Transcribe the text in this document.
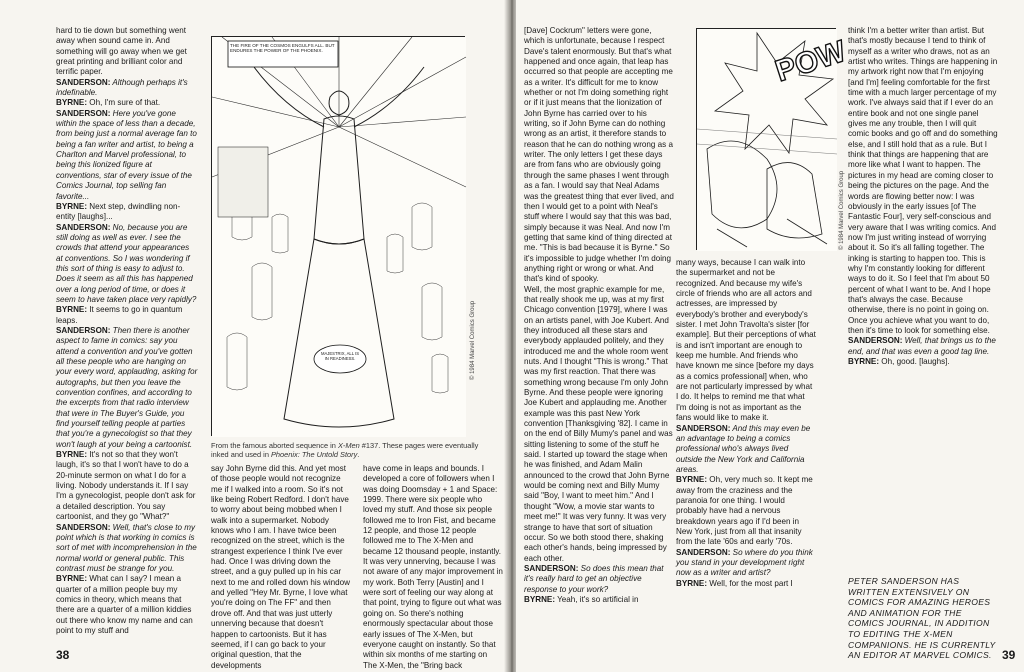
hard to tie down but something went away when sound came in. And something will go away when we get great printing and brilliant color and terrific paper.

SANDERSON: Although perhaps it's indefinable.

BYRNE: Oh, I'm sure of that.

SANDERSON: Here you've gone within the space of less than a decade, from being just a normal average fan to being a fan writer and artist, to being a Charlton and Marvel professional, to being this lionized figure at conventions, star of every issue of the Comics Journal, top selling fan favorite...

BYRNE: Next step, dwindling non-entity [laughs]...

SANDERSON: No, because you are still doing as well as ever. I see the crowds that attend your appearances at conventions. So I was wondering if this sort of thing is easy to adjust to. Does it seem as all this has happened over a long period of time, or does it seem to have taken place very rapidly?

BYRNE: It seems to go in quantum leaps.

SANDERSON: Then there is another aspect to fame in comics: say you attend a convention and you've gotten all these people who are hanging on your every word, applauding, asking for autographs, but then you leave the convention confines, and according to the excerpts from that radio interview that were in The Buyer's Guide, you find yourself telling people at parties that you're a gynecologist so that they won't laugh at your being a cartoonist.

BYRNE: It's not so that they won't laugh, it's so that I won't have to do a 20-minute sermon on what I do for a living. Nobody understands it. If I say I'm a gynecologist, people don't ask for a detailed description. You say cartoonist, and they go "What?"

SANDERSON: Well, that's close to my point which is that working in comics is sort of met with incomprehension in the normal world or general public. This contrast must be strange for you.

BYRNE: What can I say? I mean a quarter of a million people buy my comics in theory, which means that there are a quarter of a million kiddies out there who know my name and can point to my stuff and

THE FIRE OF THE COSMOS ENGULFS ALL. BUT ENDURES THE POWER OF THE PHOENIX.
MAJESTRIX, ALL IS IN READINESS.	© 1984 Marvel Comics Group
From the famous aborted sequence in X-Men #137. These pages were eventually inked and used in Phoenix: The Untold Story.

say John Byrne did this. And yet most of those people would not recognize me if I walked into a room. So it's not like being Robert Redford. I don't have to worry about being mobbed when I walk into a supermarket. Nobody knows who I am. I have twice been recognized on the street, which is the strangest experience I think I've ever had. Once I was driving down the street, and a guy pulled up in his car next to me and rolled down his window and yelled "Hey Mr. Byrne, I love what you're doing on The FF" and then drove off. And that was just utterly unnerving because that doesn't happen to cartoonists. But it has seemed, if I can go back to your original question, that the developments

have come in leaps and bounds. I developed a core of followers when I was doing Doomsday + 1 and Space: 1999. There were six people who loved my stuff. And those six people followed me to Iron Fist, and became 12 people, and those 12 people followed me to The X-Men and became 12 thousand people, instantly. It was very unnerving, because I was not aware of any major improvement in my work. Both Terry [Austin] and I were sort of feeling our way along at that point, trying to figure out what was going on. So there's nothing enormously spectacular about those early issues of The X-Men, but everyone caught on instantly. So that within six months of me starting on The X-Men, the "Bring back

38

[Dave] Cockrum" letters were gone, which is unfortunate, because I respect Dave's talent enormously. But that's what happened and once again, that leap has occurred so that people are accepting me as a writer. It's difficult for me to know whether or not I'm doing something right or if it just means that the lionization of John Byrne has carried over to his writing, so if John Byrne can do nothing wrong as an artist, it therefore stands to reason that he can do nothing wrong as a writer. The only letters I get these days are from fans who are obviously going through the same phases I went through as a fan. I would say that Neal Adams was the greatest thing that ever lived, and then I would get to a point with Neal's stuff where I would say that this was bad, simply because it was Neal. And now I'm getting that same kind of thing directed at me. "This is bad because it is Byrne." So it's impossible to judge whether I'm doing anything right or wrong or what. And that's kind of spooky.

Well, the most graphic example for me, that really shook me up, was at my first Chicago convention [1979], where I was on an artists panel, with Joe Kubert. And they introduced all these stars and everybody applauded politely, and they introduced me and the whole room went nuts. And I thought "This is wrong." That was my first reaction. That there was something wrong because I'm only John Byrne. And these people were ignoring Joe Kubert and applauding me. Another example was this past New York convention [Thanksgiving '82]. I came in on the end of Billy Mumy's panel and was sitting listening to some of the stuff he said. I started up toward the stage when he was finished, and Adam Malin announced to the crowd that John Byrne would be coming next and Billy Mumy said "Boy, I want to meet him." And I thought "Wow, a movie star wants to meet me!" It was very funny. It was very strange to have that sort of situation occur. So we both stood there, shaking each other's hands, being impressed by each other.

SANDERSON: So does this mean that it's really hard to get an objective response to your work?

BYRNE: Yeah, it's so artificial in

POW
© 1984 Marvel Comics Group

many ways, because I can walk into the supermarket and not be recognized. And because my wife's circle of friends who are all actors and actresses, are impressed by everybody's brother and everybody's sister. I met John Travolta's sister [for example]. But their perceptions of what is and isn't important are enough to keep me humble. And friends who have known me since [before my days as a comics professional] when, who are not particularly impressed by what I do. It helps to remind me that what I'm doing is not as important as the fans would like to make it.

SANDERSON: And this may even be an advantage to being a comics professional who's always lived outside the New York and California areas.

BYRNE: Oh, very much so. It kept me away from the craziness and the paranoia for one thing. I would probably have had a nervous breakdown years ago if I'd been in New York, just from all that insanity from the late '60s and early '70s.

SANDERSON: So where do you think you stand in your development right now as a writer and artist?

BYRNE: Well, for the most part I

think I'm a better writer than artist. But that's mostly because I tend to think of myself as a writer who draws, not as an artist who writes. Things are happening in my artwork right now that I'm enjoying [and I'm] feeling comfortable for the first time with a much larger percentage of my work. I've always said that if I ever do an entire book and not one single panel gives me any trouble, then I will quit comic books and go off and do something else, and I still hold that as a rule. But I think that things are happening that are more like what I want to happen. The pictures in my head are coming closer to being the pictures on the page. And the words are flowing better now: I was obviously in the early issues [of The Fantastic Four], very self-conscious and very aware that I was writing comics. And now I'm just writing instead of worrying about it. So it's all falling together. The inking is starting to happen too. This is why I'm constantly looking for different ways to do it. So I feel that I'm about 50 percent of what I want to be. And I hope that's always the case. Because otherwise, there is no point in going on. Once you achieve what you want to do, then it's time to look for something else.

SANDERSON: Well, that brings us to the end, and that was even a good tag line.

BYRNE: Oh, good. [laughs].

PETER SANDERSON HAS WRITTEN EXTENSIVELY ON COMICS FOR AMAZING HEROES AND ANIMATION FOR THE COMICS JOURNAL, IN ADDITION TO EDITING THE X-MEN COMPANIONS. HE IS CURRENTLY AN EDITOR AT MARVEL COMICS. 39
